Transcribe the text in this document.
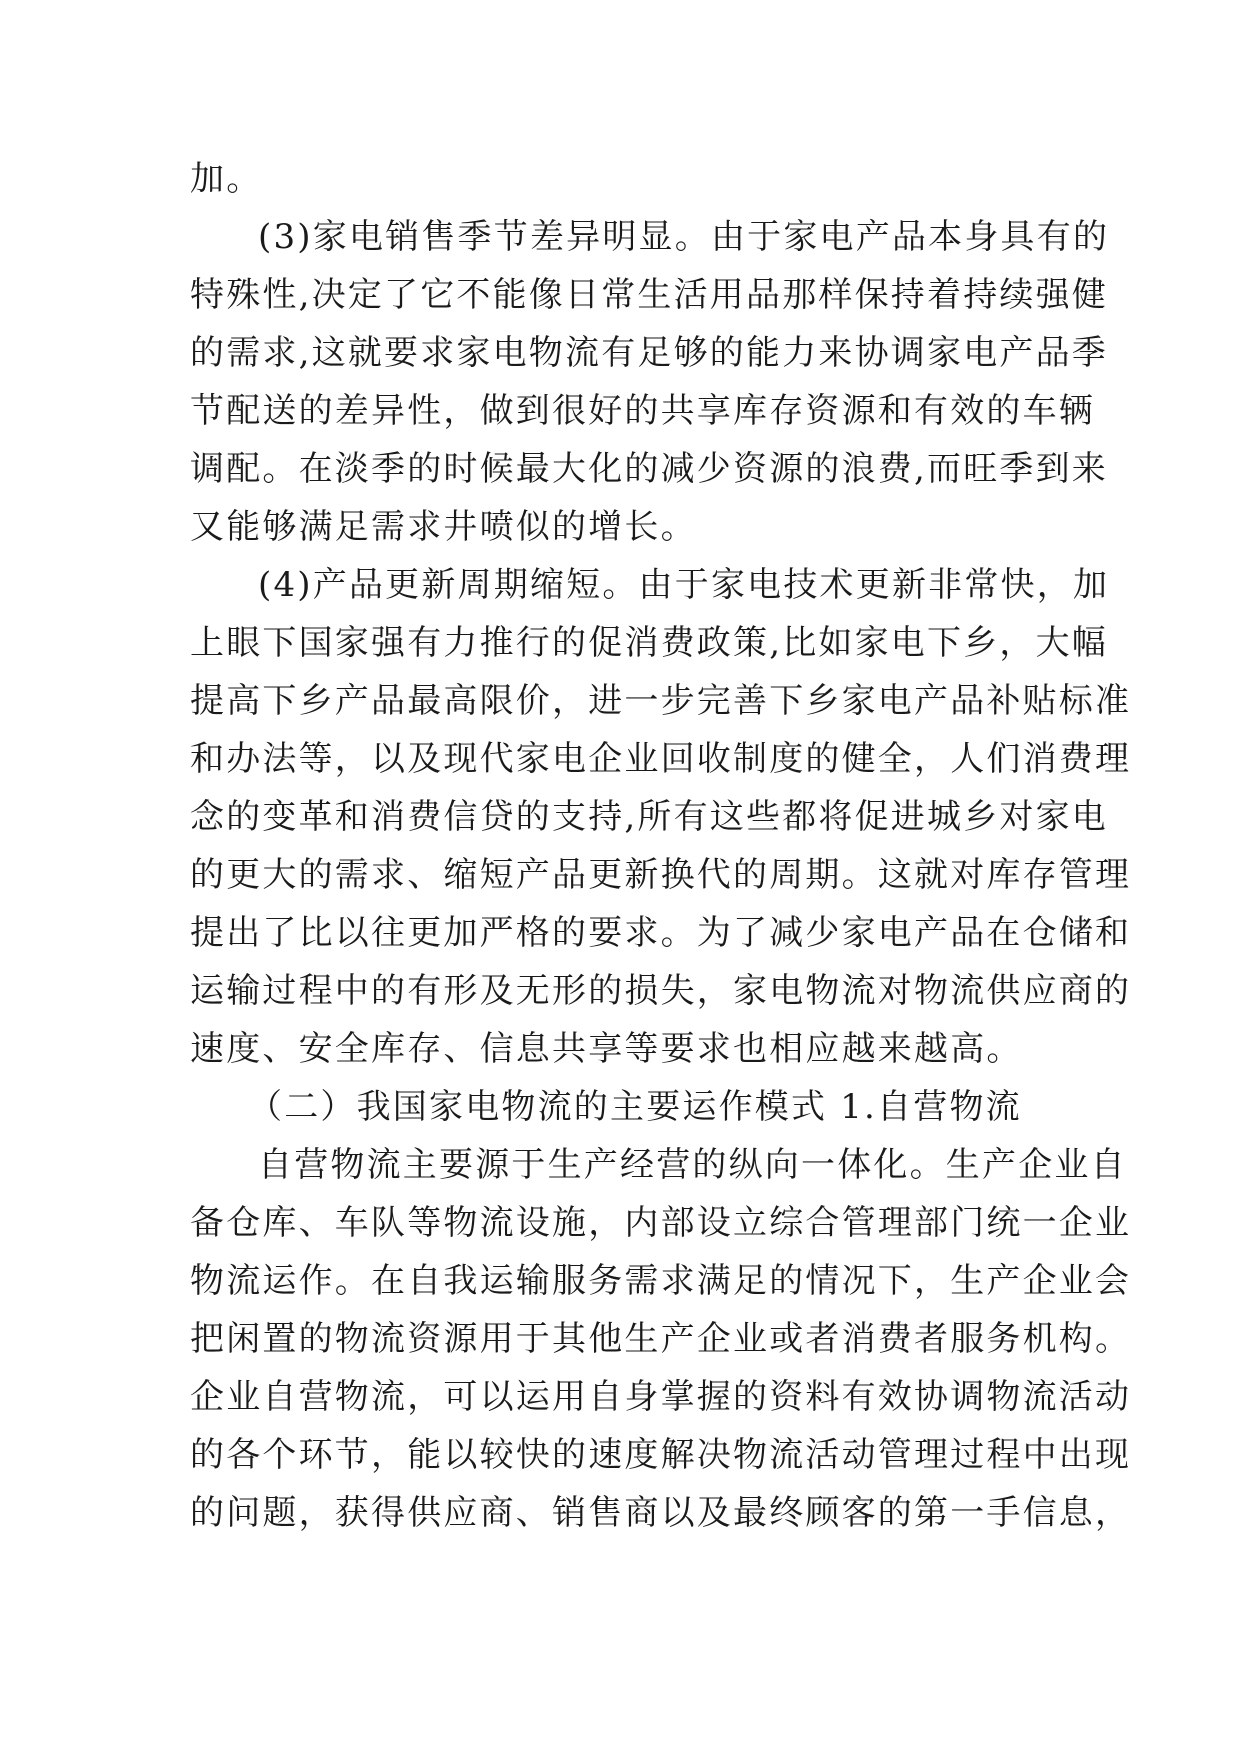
加。

(3)家电销售季节差异明显。由于家电产品本身具有的

特殊性,决定了它不能像日常生活用品那样保持着持续强健

的需求,这就要求家电物流有足够的能力来协调家电产品季

节配送的差异性，做到很好的共享库存资源和有效的车辆

调配。在淡季的时候最大化的减少资源的浪费,而旺季到来

又能够满足需求井喷似的增长。

(4)产品更新周期缩短。由于家电技术更新非常快，加

上眼下国家强有力推行的促消费政策,比如家电下乡，大幅

提高下乡产品最高限价，进一步完善下乡家电产品补贴标准

和办法等，以及现代家电企业回收制度的健全，人们消费理

念的变革和消费信贷的支持,所有这些都将促进城乡对家电

的更大的需求、缩短产品更新换代的周期。这就对库存管理

提出了比以往更加严格的要求。为了减少家电产品在仓储和

运输过程中的有形及无形的损失，家电物流对物流供应商的

速度、安全库存、信息共享等要求也相应越来越高。

（二）我国家电物流的主要运作模式 1.自营物流

自营物流主要源于生产经营的纵向一体化。生产企业自

备仓库、车队等物流设施，内部设立综合管理部门统一企业

物流运作。在自我运输服务需求满足的情况下，生产企业会

把闲置的物流资源用于其他生产企业或者消费者服务机构。

企业自营物流，可以运用自身掌握的资料有效协调物流活动

的各个环节，能以较快的速度解决物流活动管理过程中出现

的问题，获得供应商、销售商以及最终顾客的第一手信息，
